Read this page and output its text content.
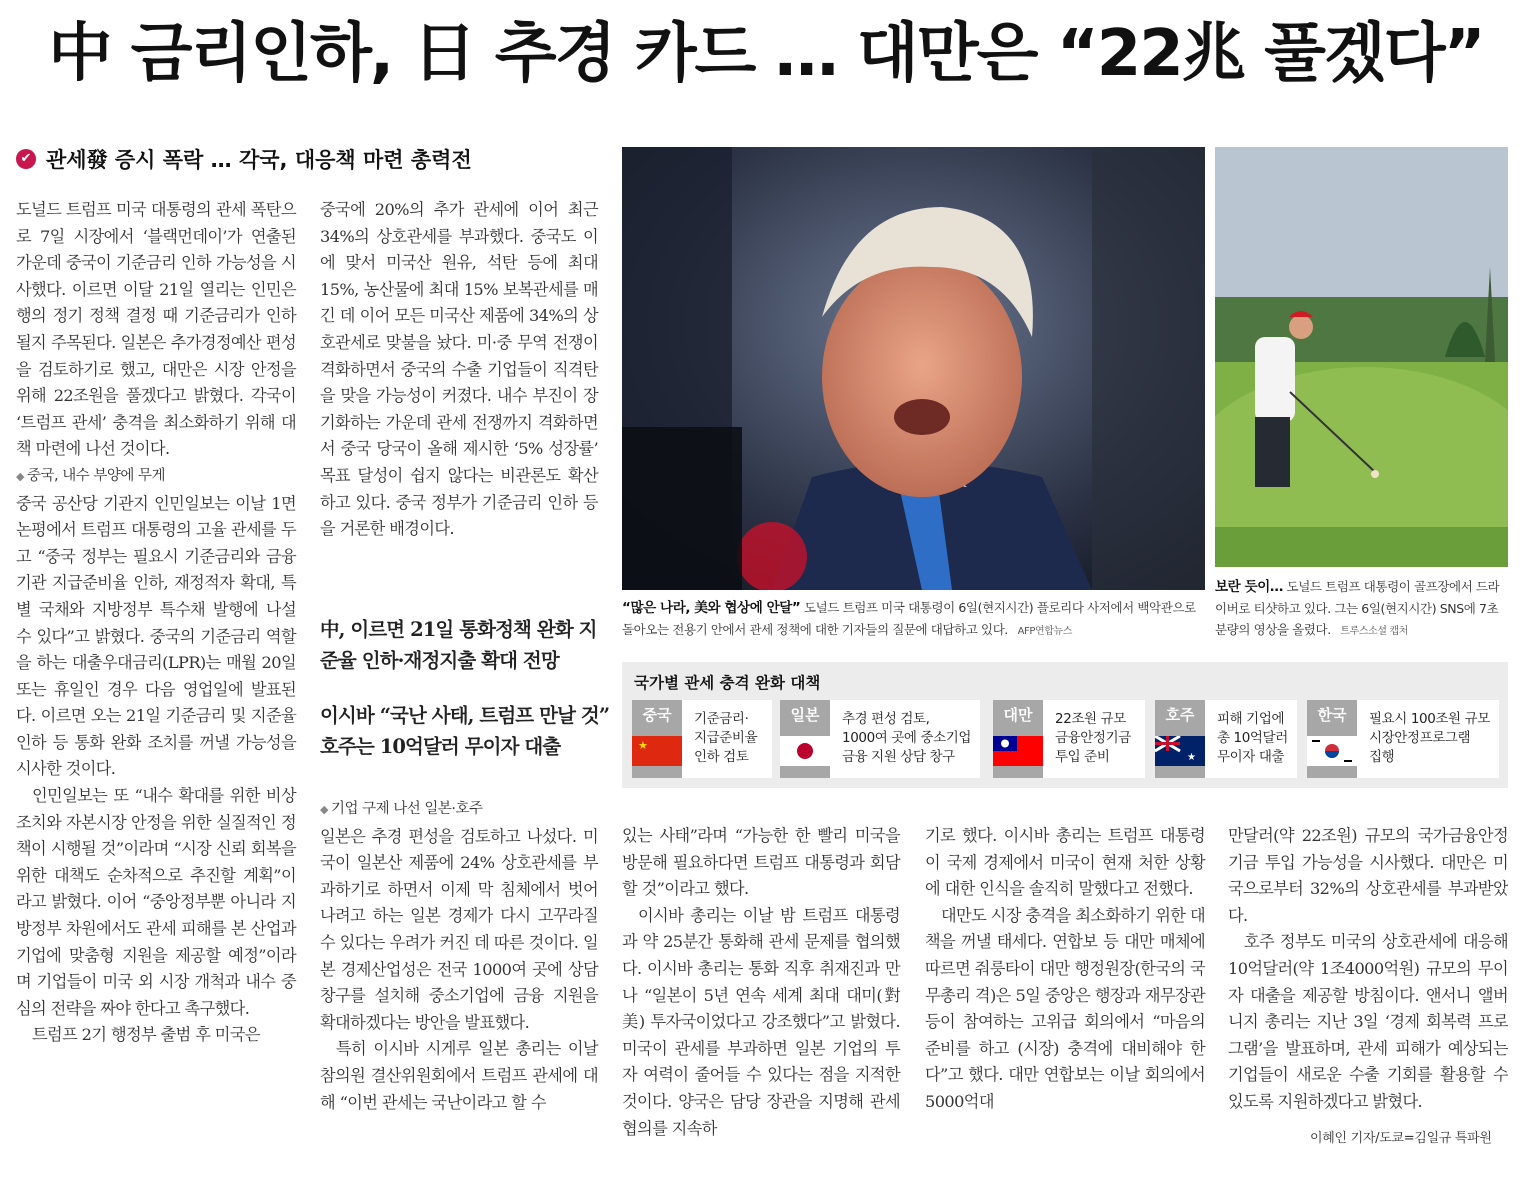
中 금리인하, 日 추경 카드 … 대만은 “22兆 풀겠다”
✔ 관세發 증시 폭락 … 각국, 대응책 마련 총력전

도널드 트럼프 미국 대통령의 관세 폭탄으로 7일 시장에서 ‘블랙먼데이’가 연출된 가운데 중국이 기준금리 인하 가능성을 시사했다. 이르면 이달 21일 열리는 인민은행의 정기 정책 결정 때 기준금리가 인하될지 주목된다. 일본은 추가경정예산 편성을 검토하기로 했고, 대만은 시장 안정을 위해 22조원을 풀겠다고 밝혔다. 각국이 ‘트럼프 관세’ 충격을 최소화하기 위해 대책 마련에 나선 것이다.

◆ 중국, 내수 부양에 무게

중국 공산당 기관지 인민일보는 이날 1면 논평에서 트럼프 대통령의 고율 관세를 두고 “중국 정부는 필요시 기준금리와 금융기관 지급준비율 인하, 재정적자 확대, 특별 국채와 지방정부 특수채 발행에 나설 수 있다”고 밝혔다. 중국의 기준금리 역할을 하는 대출우대금리(LPR)는 매월 20일 또는 휴일인 경우 다음 영업일에 발표된다. 이르면 오는 21일 기준금리 및 지준율 인하 등 통화 완화 조치를 꺼낼 가능성을 시사한 것이다.

인민일보는 또 “내수 확대를 위한 비상조치와 자본시장 안정을 위한 실질적인 정책이 시행될 것”이라며 “시장 신뢰 회복을 위한 대책도 순차적으로 추진할 계획”이라고 밝혔다. 이어 “중앙정부뿐 아니라 지방정부 차원에서도 관세 피해를 본 산업과 기업에 맞춤형 지원을 제공할 예정”이라며 기업들이 미국 외 시장 개척과 내수 중심의 전략을 짜야 한다고 촉구했다.

트럼프 2기 행정부 출범 후 미국은

중국에 20%의 추가 관세에 이어 최근 34%의 상호관세를 부과했다. 중국도 이에 맞서 미국산 원유, 석탄 등에 최대 15%, 농산물에 최대 15% 보복관세를 매긴 데 이어 모든 미국산 제품에 34%의 상호관세로 맞불을 놨다. 미·중 무역 전쟁이 격화하면서 중국의 수출 기업들이 직격탄을 맞을 가능성이 커졌다. 내수 부진이 장기화하는 가운데 관세 전쟁까지 격화하면서 중국 당국이 올해 제시한 ‘5% 성장률’ 목표 달성이 쉽지 않다는 비관론도 확산하고 있다. 중국 정부가 기준금리 인하 등을 거론한 배경이다.

中, 이르면 21일 통화정책 완화 지준율 인하·재정지출 확대 전망
이시바 “국난 사태, 트럼프 만날 것” 호주는 10억달러 무이자 대출

◆ 기업 구제 나선 일본·호주

일본은 추경 편성을 검토하고 나섰다. 미국이 일본산 제품에 24% 상호관세를 부과하기로 하면서 이제 막 침체에서 벗어나려고 하는 일본 경제가 다시 고꾸라질 수 있다는 우려가 커진 데 따른 것이다. 일본 경제산업성은 전국 1000여 곳에 상담창구를 설치해 중소기업에 금융 지원을 확대하겠다는 방안을 발표했다.

특히 이시바 시게루 일본 총리는 이날 참의원 결산위원회에서 트럼프 관세에 대해 “이번 관세는 국난이라고 할 수

“많은 나라, 美와 협상에 안달” 도널드 트럼프 미국 대통령이 6일(현지시간) 플로리다 사저에서 백악관으로 돌아오는 전용기 안에서 관세 정책에 대한 기자들의 질문에 대답하고 있다. AFP연합뉴스
보란 듯이… 도널드 트럼프 대통령이 골프장에서 드라이버로 티샷하고 있다. 그는 6일(현지시간) SNS에 7초 분량의 영상을 올렸다. 트루스소셜 캡처
국가별 관세 충격 완화 대책
중국
★
기준금리·
지급준비율
인하 검토
일본	추경 편성 검토,
1000여 곳에 중소기업
금융 지원 상담 창구
대만	22조원 규모
금융안정기금
투입 준비
호주
★
피해 기업에
총 10억달러
무이자 대출
한국	필요시 100조원 규모
시장안정프로그램
집행

있는 사태”라며 “가능한 한 빨리 미국을 방문해 필요하다면 트럼프 대통령과 회담할 것”이라고 했다.

이시바 총리는 이날 밤 트럼프 대통령과 약 25분간 통화해 관세 문제를 협의했다. 이시바 총리는 통화 직후 취재진과 만나 “일본이 5년 연속 세계 최대 대미(對美) 투자국이었다고 강조했다”고 밝혔다. 미국이 관세를 부과하면 일본 기업의 투자 여력이 줄어들 수 있다는 점을 지적한 것이다. 양국은 담당 장관을 지명해 관세 협의를 지속하

기로 했다. 이시바 총리는 트럼프 대통령이 국제 경제에서 미국이 현재 처한 상황에 대한 인식을 솔직히 말했다고 전했다.

대만도 시장 충격을 최소화하기 위한 대책을 꺼낼 태세다. 연합보 등 대만 매체에 따르면 줘룽타이 대만 행정원장(한국의 국무총리 격)은 5일 중앙은 행장과 재무장관 등이 참여하는 고위급 회의에서 “마음의 준비를 하고 (시장) 충격에 대비해야 한다”고 했다. 대만 연합보는 이날 회의에서 5000억대

만달러(약 22조원) 규모의 국가금융안정기금 투입 가능성을 시사했다. 대만은 미국으로부터 32%의 상호관세를 부과받았다.

호주 정부도 미국의 상호관세에 대응해 10억달러(약 1조4000억원) 규모의 무이자 대출을 제공할 방침이다. 앤서니 앨버니지 총리는 지난 3일 ‘경제 회복력 프로그램’을 발표하며, 관세 피해가 예상되는 기업들이 새로운 수출 기회를 활용할 수 있도록 지원하겠다고 밝혔다.

이혜인 기자/도쿄=김일규 특파원
